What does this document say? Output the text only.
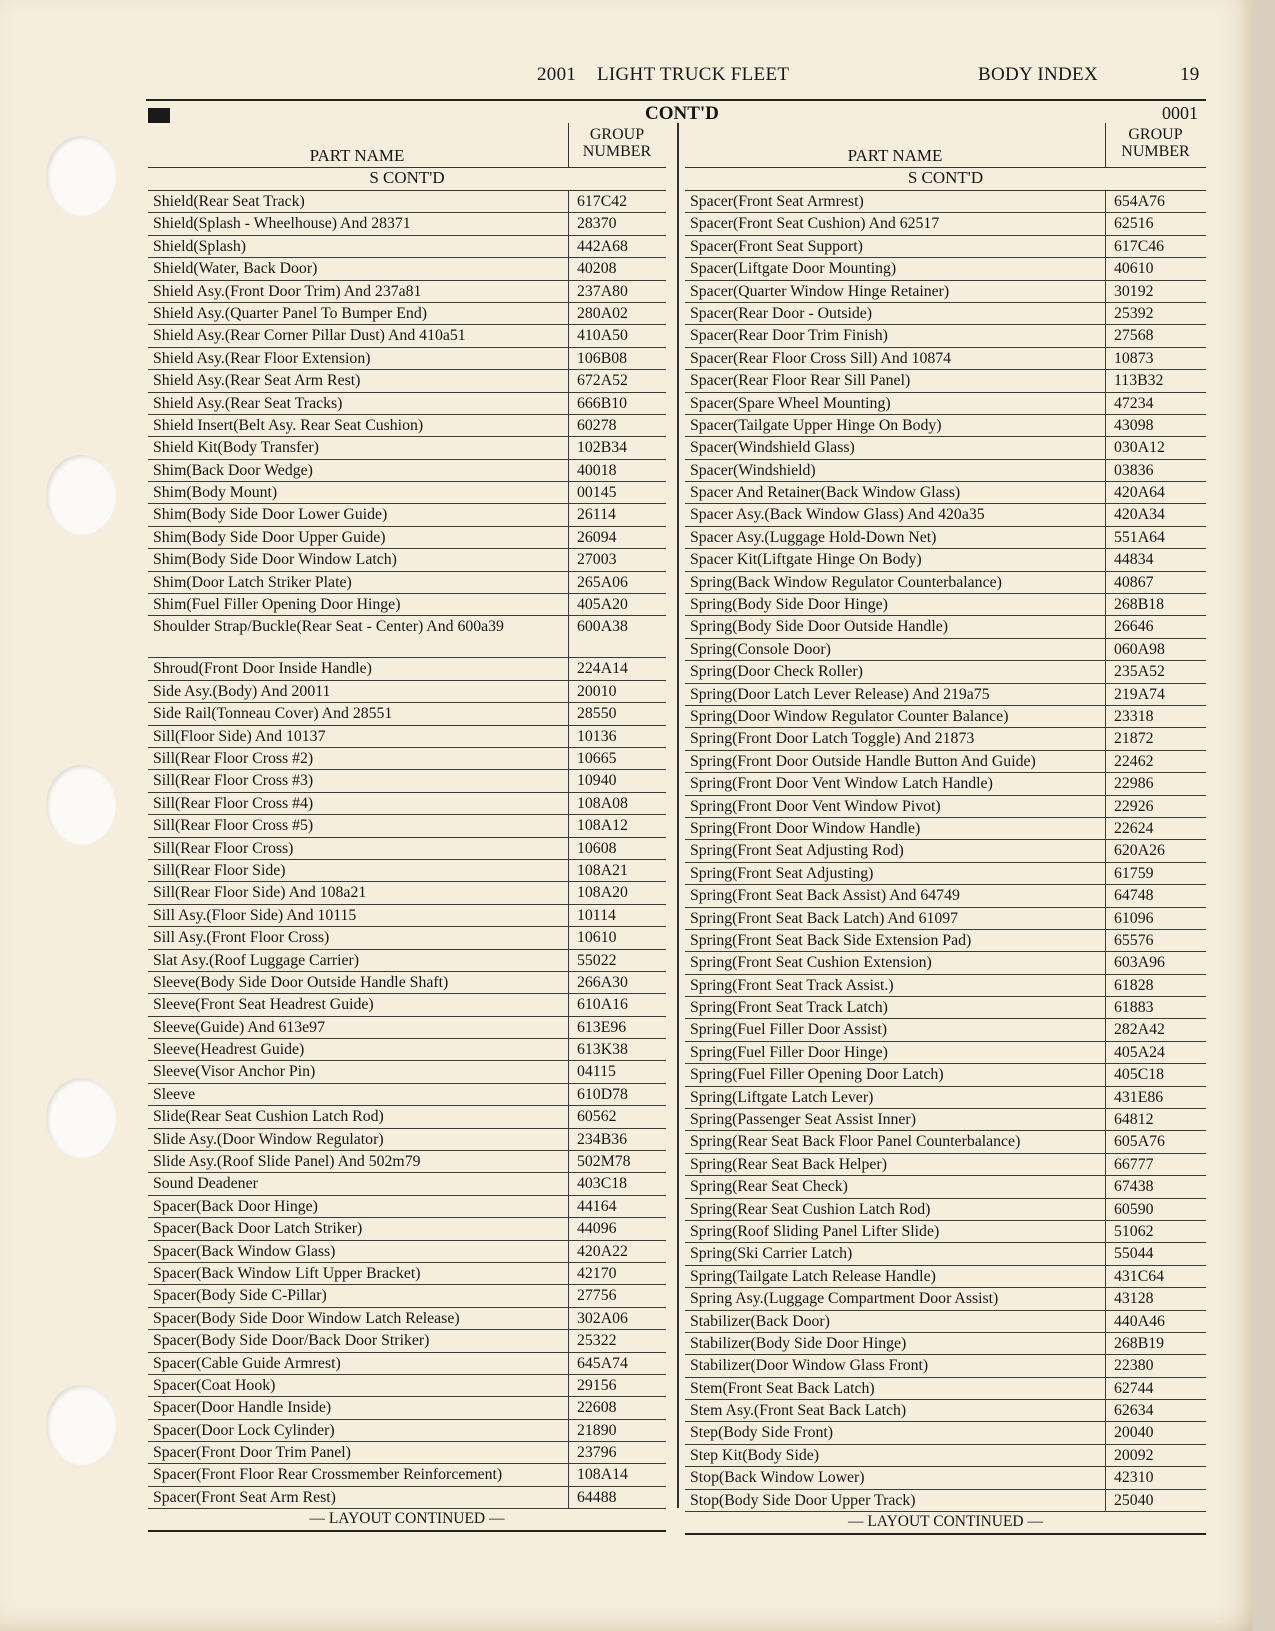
2001 LIGHT TRUCK FLEET	BODY INDEX	19
CONT'D	0001
PART NAME
GROUP
NUMBER
S CONT'D
Shield(Rear Seat Track)	617C42
Shield(Splash - Wheelhouse) And 28371	28370
Shield(Splash)	442A68
Shield(Water, Back Door)	40208
Shield Asy.(Front Door Trim) And 237a81	237A80
Shield Asy.(Quarter Panel To Bumper End)	280A02
Shield Asy.(Rear Corner Pillar Dust) And 410a51	410A50
Shield Asy.(Rear Floor Extension)	106B08
Shield Asy.(Rear Seat Arm Rest)	672A52
Shield Asy.(Rear Seat Tracks)	666B10
Shield Insert(Belt Asy. Rear Seat Cushion)	60278
Shield Kit(Body Transfer)	102B34
Shim(Back Door Wedge)	40018
Shim(Body Mount)	00145
Shim(Body Side Door Lower Guide)	26114
Shim(Body Side Door Upper Guide)	26094
Shim(Body Side Door Window Latch)	27003
Shim(Door Latch Striker Plate)	265A06
Shim(Fuel Filler Opening Door Hinge)	405A20
Shoulder Strap/Buckle(Rear Seat - Center) And 600a39	600A38
Shroud(Front Door Inside Handle)	224A14
Side Asy.(Body) And 20011	20010
Side Rail(Tonneau Cover) And 28551	28550
Sill(Floor Side) And 10137	10136
Sill(Rear Floor Cross #2)	10665
Sill(Rear Floor Cross #3)	10940
Sill(Rear Floor Cross #4)	108A08
Sill(Rear Floor Cross #5)	108A12
Sill(Rear Floor Cross)	10608
Sill(Rear Floor Side)	108A21
Sill(Rear Floor Side) And 108a21	108A20
Sill Asy.(Floor Side) And 10115	10114
Sill Asy.(Front Floor Cross)	10610
Slat Asy.(Roof Luggage Carrier)	55022
Sleeve(Body Side Door Outside Handle Shaft)	266A30
Sleeve(Front Seat Headrest Guide)	610A16
Sleeve(Guide) And 613e97	613E96
Sleeve(Headrest Guide)	613K38
Sleeve(Visor Anchor Pin)	04115
Sleeve	610D78
Slide(Rear Seat Cushion Latch Rod)	60562
Slide Asy.(Door Window Regulator)	234B36
Slide Asy.(Roof Slide Panel) And 502m79	502M78
Sound Deadener	403C18
Spacer(Back Door Hinge)	44164
Spacer(Back Door Latch Striker)	44096
Spacer(Back Window Glass)	420A22
Spacer(Back Window Lift Upper Bracket)	42170
Spacer(Body Side C-Pillar)	27756
Spacer(Body Side Door Window Latch Release)	302A06
Spacer(Body Side Door/Back Door Striker)	25322
Spacer(Cable Guide Armrest)	645A74
Spacer(Coat Hook)	29156
Spacer(Door Handle Inside)	22608
Spacer(Door Lock Cylinder)	21890
Spacer(Front Door Trim Panel)	23796
Spacer(Front Floor Rear Crossmember Reinforcement)	108A14
Spacer(Front Seat Arm Rest)	64488
— LAYOUT CONTINUED —
PART NAME
GROUP
NUMBER
S CONT'D
Spacer(Front Seat Armrest)	654A76
Spacer(Front Seat Cushion) And 62517	62516
Spacer(Front Seat Support)	617C46
Spacer(Liftgate Door Mounting)	40610
Spacer(Quarter Window Hinge Retainer)	30192
Spacer(Rear Door - Outside)	25392
Spacer(Rear Door Trim Finish)	27568
Spacer(Rear Floor Cross Sill) And 10874	10873
Spacer(Rear Floor Rear Sill Panel)	113B32
Spacer(Spare Wheel Mounting)	47234
Spacer(Tailgate Upper Hinge On Body)	43098
Spacer(Windshield Glass)	030A12
Spacer(Windshield)	03836
Spacer And Retainer(Back Window Glass)	420A64
Spacer Asy.(Back Window Glass) And 420a35	420A34
Spacer Asy.(Luggage Hold-Down Net)	551A64
Spacer Kit(Liftgate Hinge On Body)	44834
Spring(Back Window Regulator Counterbalance)	40867
Spring(Body Side Door Hinge)	268B18
Spring(Body Side Door Outside Handle)	26646
Spring(Console Door)	060A98
Spring(Door Check Roller)	235A52
Spring(Door Latch Lever Release) And 219a75	219A74
Spring(Door Window Regulator Counter Balance)	23318
Spring(Front Door Latch Toggle) And 21873	21872
Spring(Front Door Outside Handle Button And Guide)	22462
Spring(Front Door Vent Window Latch Handle)	22986
Spring(Front Door Vent Window Pivot)	22926
Spring(Front Door Window Handle)	22624
Spring(Front Seat Adjusting Rod)	620A26
Spring(Front Seat Adjusting)	61759
Spring(Front Seat Back Assist) And 64749	64748
Spring(Front Seat Back Latch) And 61097	61096
Spring(Front Seat Back Side Extension Pad)	65576
Spring(Front Seat Cushion Extension)	603A96
Spring(Front Seat Track Assist.)	61828
Spring(Front Seat Track Latch)	61883
Spring(Fuel Filler Door Assist)	282A42
Spring(Fuel Filler Door Hinge)	405A24
Spring(Fuel Filler Opening Door Latch)	405C18
Spring(Liftgate Latch Lever)	431E86
Spring(Passenger Seat Assist Inner)	64812
Spring(Rear Seat Back Floor Panel Counterbalance)	605A76
Spring(Rear Seat Back Helper)	66777
Spring(Rear Seat Check)	67438
Spring(Rear Seat Cushion Latch Rod)	60590
Spring(Roof Sliding Panel Lifter Slide)	51062
Spring(Ski Carrier Latch)	55044
Spring(Tailgate Latch Release Handle)	431C64
Spring Asy.(Luggage Compartment Door Assist)	43128
Stabilizer(Back Door)	440A46
Stabilizer(Body Side Door Hinge)	268B19
Stabilizer(Door Window Glass Front)	22380
Stem(Front Seat Back Latch)	62744
Stem Asy.(Front Seat Back Latch)	62634
Step(Body Side Front)	20040
Step Kit(Body Side)	20092
Stop(Back Window Lower)	42310
Stop(Body Side Door Upper Track)	25040
— LAYOUT CONTINUED —
